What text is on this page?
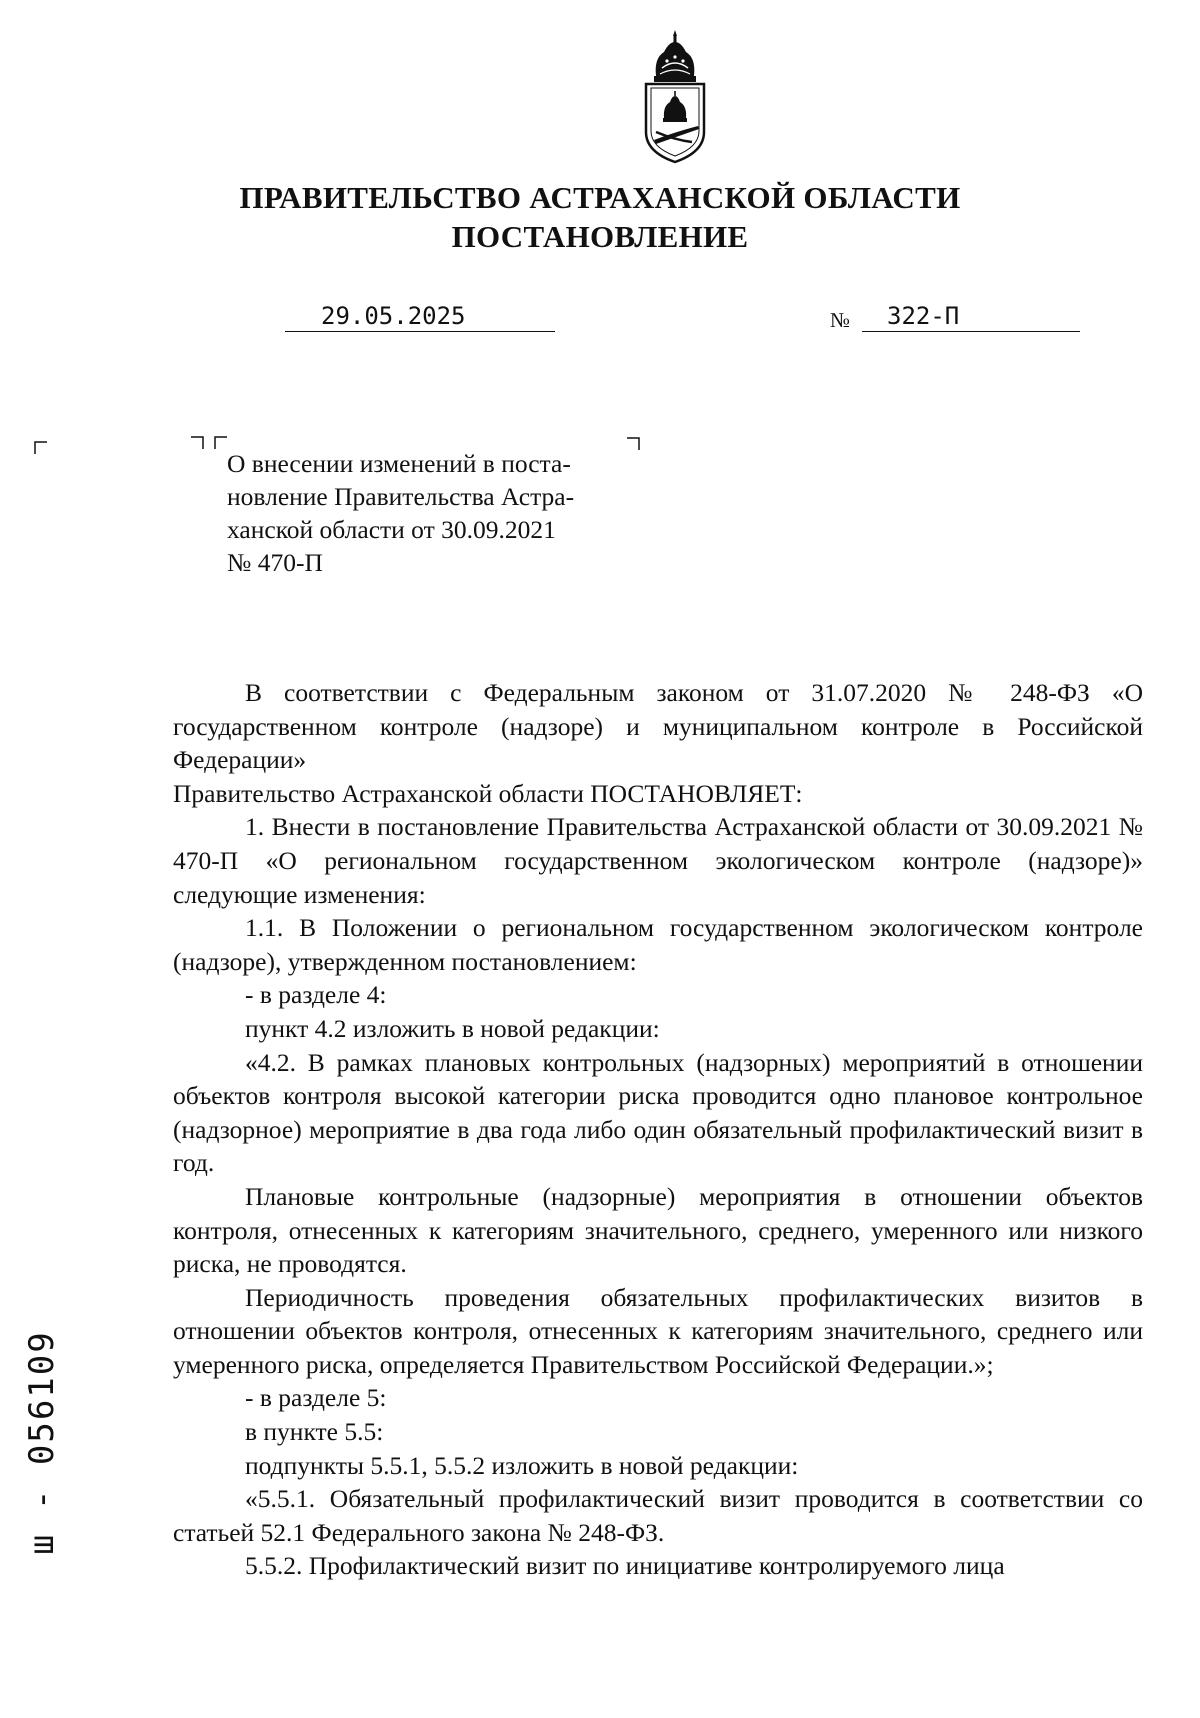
ПРАВИТЕЛЬСТВО АСТРАХАНСКОЙ ОБЛАСТИ
ПОСТАНОВЛЕНИЕ
29.05.2025	№	322-П
О внесении изменений в поста-
новление Правительства Астра-
ханской области от 30.09.2021
№ 470-П

В соответствии с Федеральным законом от 31.07.2020 № 248-ФЗ «О государственном контроле (надзоре) и муниципальном контроле в Российской Федерации»

Правительство Астраханской области ПОСТАНОВЛЯЕТ:

1. Внести в постановление Правительства Астраханской области от 30.09.2021 № 470-П «О региональном государственном экологическом контроле (надзоре)» следующие изменения:

1.1. В Положении о региональном государственном экологическом контроле (надзоре), утвержденном постановлением:

- в разделе 4:

пункт 4.2 изложить в новой редакции:

«4.2. В рамках плановых контрольных (надзорных) мероприятий в отношении объектов контроля высокой категории риска проводится одно плановое контрольное (надзорное) мероприятие в два года либо один обязательный профилактический визит в год.

Плановые контрольные (надзорные) мероприятия в отношении объектов контроля, отнесенных к категориям значительного, среднего, умеренного или низкого риска, не проводятся.

Периодичность проведения обязательных профилактических визитов в отношении объектов контроля, отнесенных к категориям значительного, среднего или умеренного риска, определяется Правительством Российской Федерации.»;

- в разделе 5:

в пункте 5.5:

подпункты 5.5.1, 5.5.2 изложить в новой редакции:

«5.5.1. Обязательный профилактический визит проводится в соответствии со статьей 52.1 Федерального закона № 248-ФЗ.

5.5.2. Профилактический визит по инициативе контролируемого лица

ш - 056109
